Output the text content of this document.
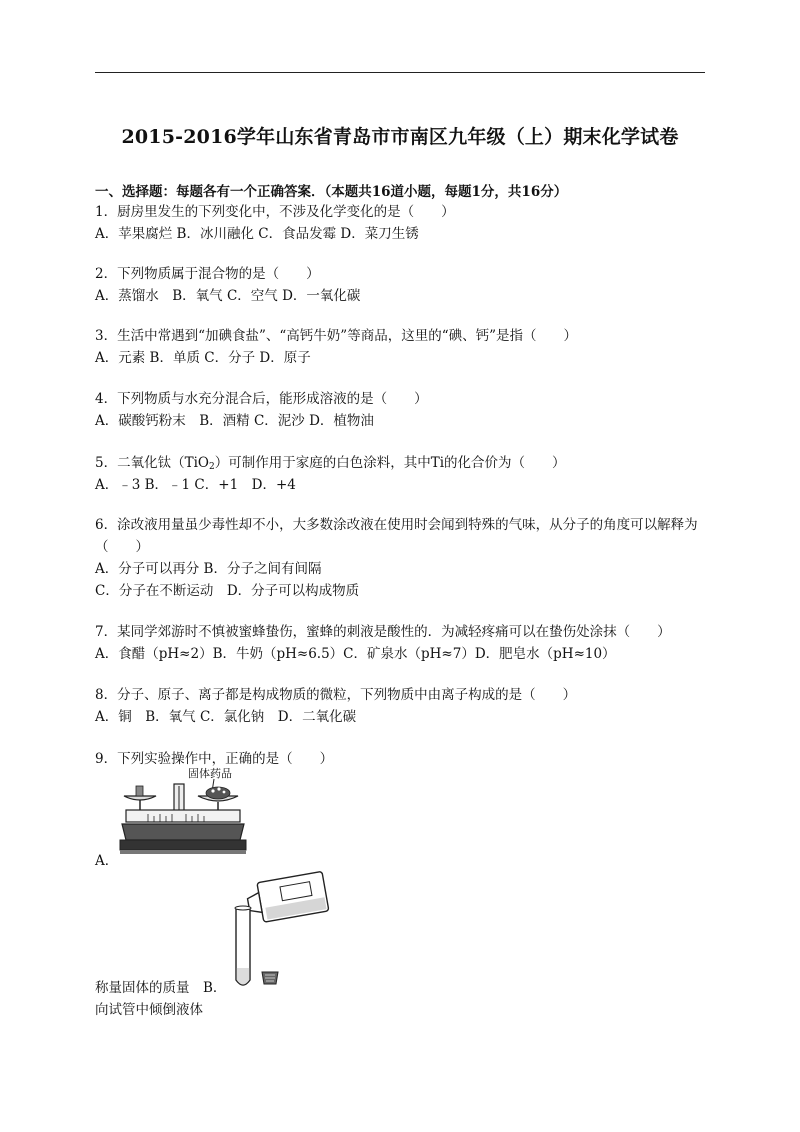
2015-2016学年山东省青岛市市南区九年级（上）期末化学试卷
一、选择题：每题各有一个正确答案．（本题共16道小题，每题1分，共16分）
1．厨房里发生的下列变化中，不涉及化学变化的是（　　）
A．苹果腐烂 B．冰川融化 C．食品发霉 D．菜刀生锈
2．下列物质属于混合物的是（　　）
A．蒸馏水　B．氧气 C．空气 D．一氧化碳
3．生活中常遇到“加碘食盐”、“高钙牛奶”等商品，这里的“碘、钙”是指（　　）
A．元素 B．单质 C．分子 D．原子
4．下列物质与水充分混合后，能形成溶液的是（　　）
A．碳酸钙粉末　B．酒精 C．泥沙 D．植物油
5．二氧化钛（TiO$_2$）可制作用于家庭的白色涂料，其中Ti的化合价为（　　）
A．﹣3 B．﹣1 C．+1　D．+4
6．涂改液用量虽少毒性却不小，大多数涂改液在使用时会闻到特殊的气味，从分子的角度可以解释为（　　）
A．分子可以再分 B．分子之间有间隔
C．分子在不断运动　D．分子可以构成物质
7．某同学郊游时不慎被蜜蜂蛰伤，蜜蜂的刺液是酸性的．为减轻疼痛可以在蛰伤处涂抹（　　）
A．食醋（pH≈2）B．牛奶（pH≈6.5）C．矿泉水（pH≈7）D．肥皂水（pH≈10）
8．分子、原子、离子都是构成物质的微粒，下列物质中由离子构成的是（　　）
A．铜　B．氧气 C．氯化钠　D．二氧化碳
9．下列实验操作中，正确的是（　　）
固体药品
A．
称量固体的质量　B．
向试管中倾倒液体
